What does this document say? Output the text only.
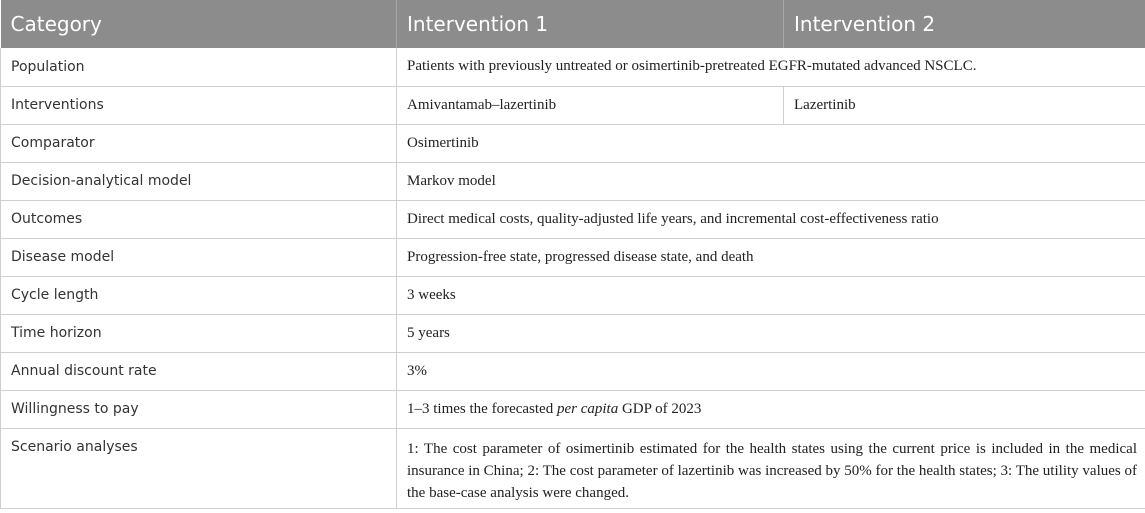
Category	Intervention 1	Intervention 2
Population	Patients with previously untreated or osimertinib-pretreated EGFR-mutated advanced NSCLC.	
Interventions	Amivantamab–lazertinib	Lazertinib
Comparator	Osimertinib	
Decision-analytical model	Markov model	
Outcomes	Direct medical costs, quality-adjusted life years, and incremental cost-effectiveness ratio	
Disease model	Progression-free state, progressed disease state, and death	
Cycle length	3 weeks	
Time horizon	5 years	
Annual discount rate	3%	
Willingness to pay	1–3 times the forecasted per capita GDP of 2023	
Scenario analyses	1: The cost parameter of osimertinib estimated for the health states using the current price is included in the medical insurance in China; 2: The cost parameter of lazertinib was increased by 50% for the health states; 3: The utility values of the base-case analysis were changed.	
